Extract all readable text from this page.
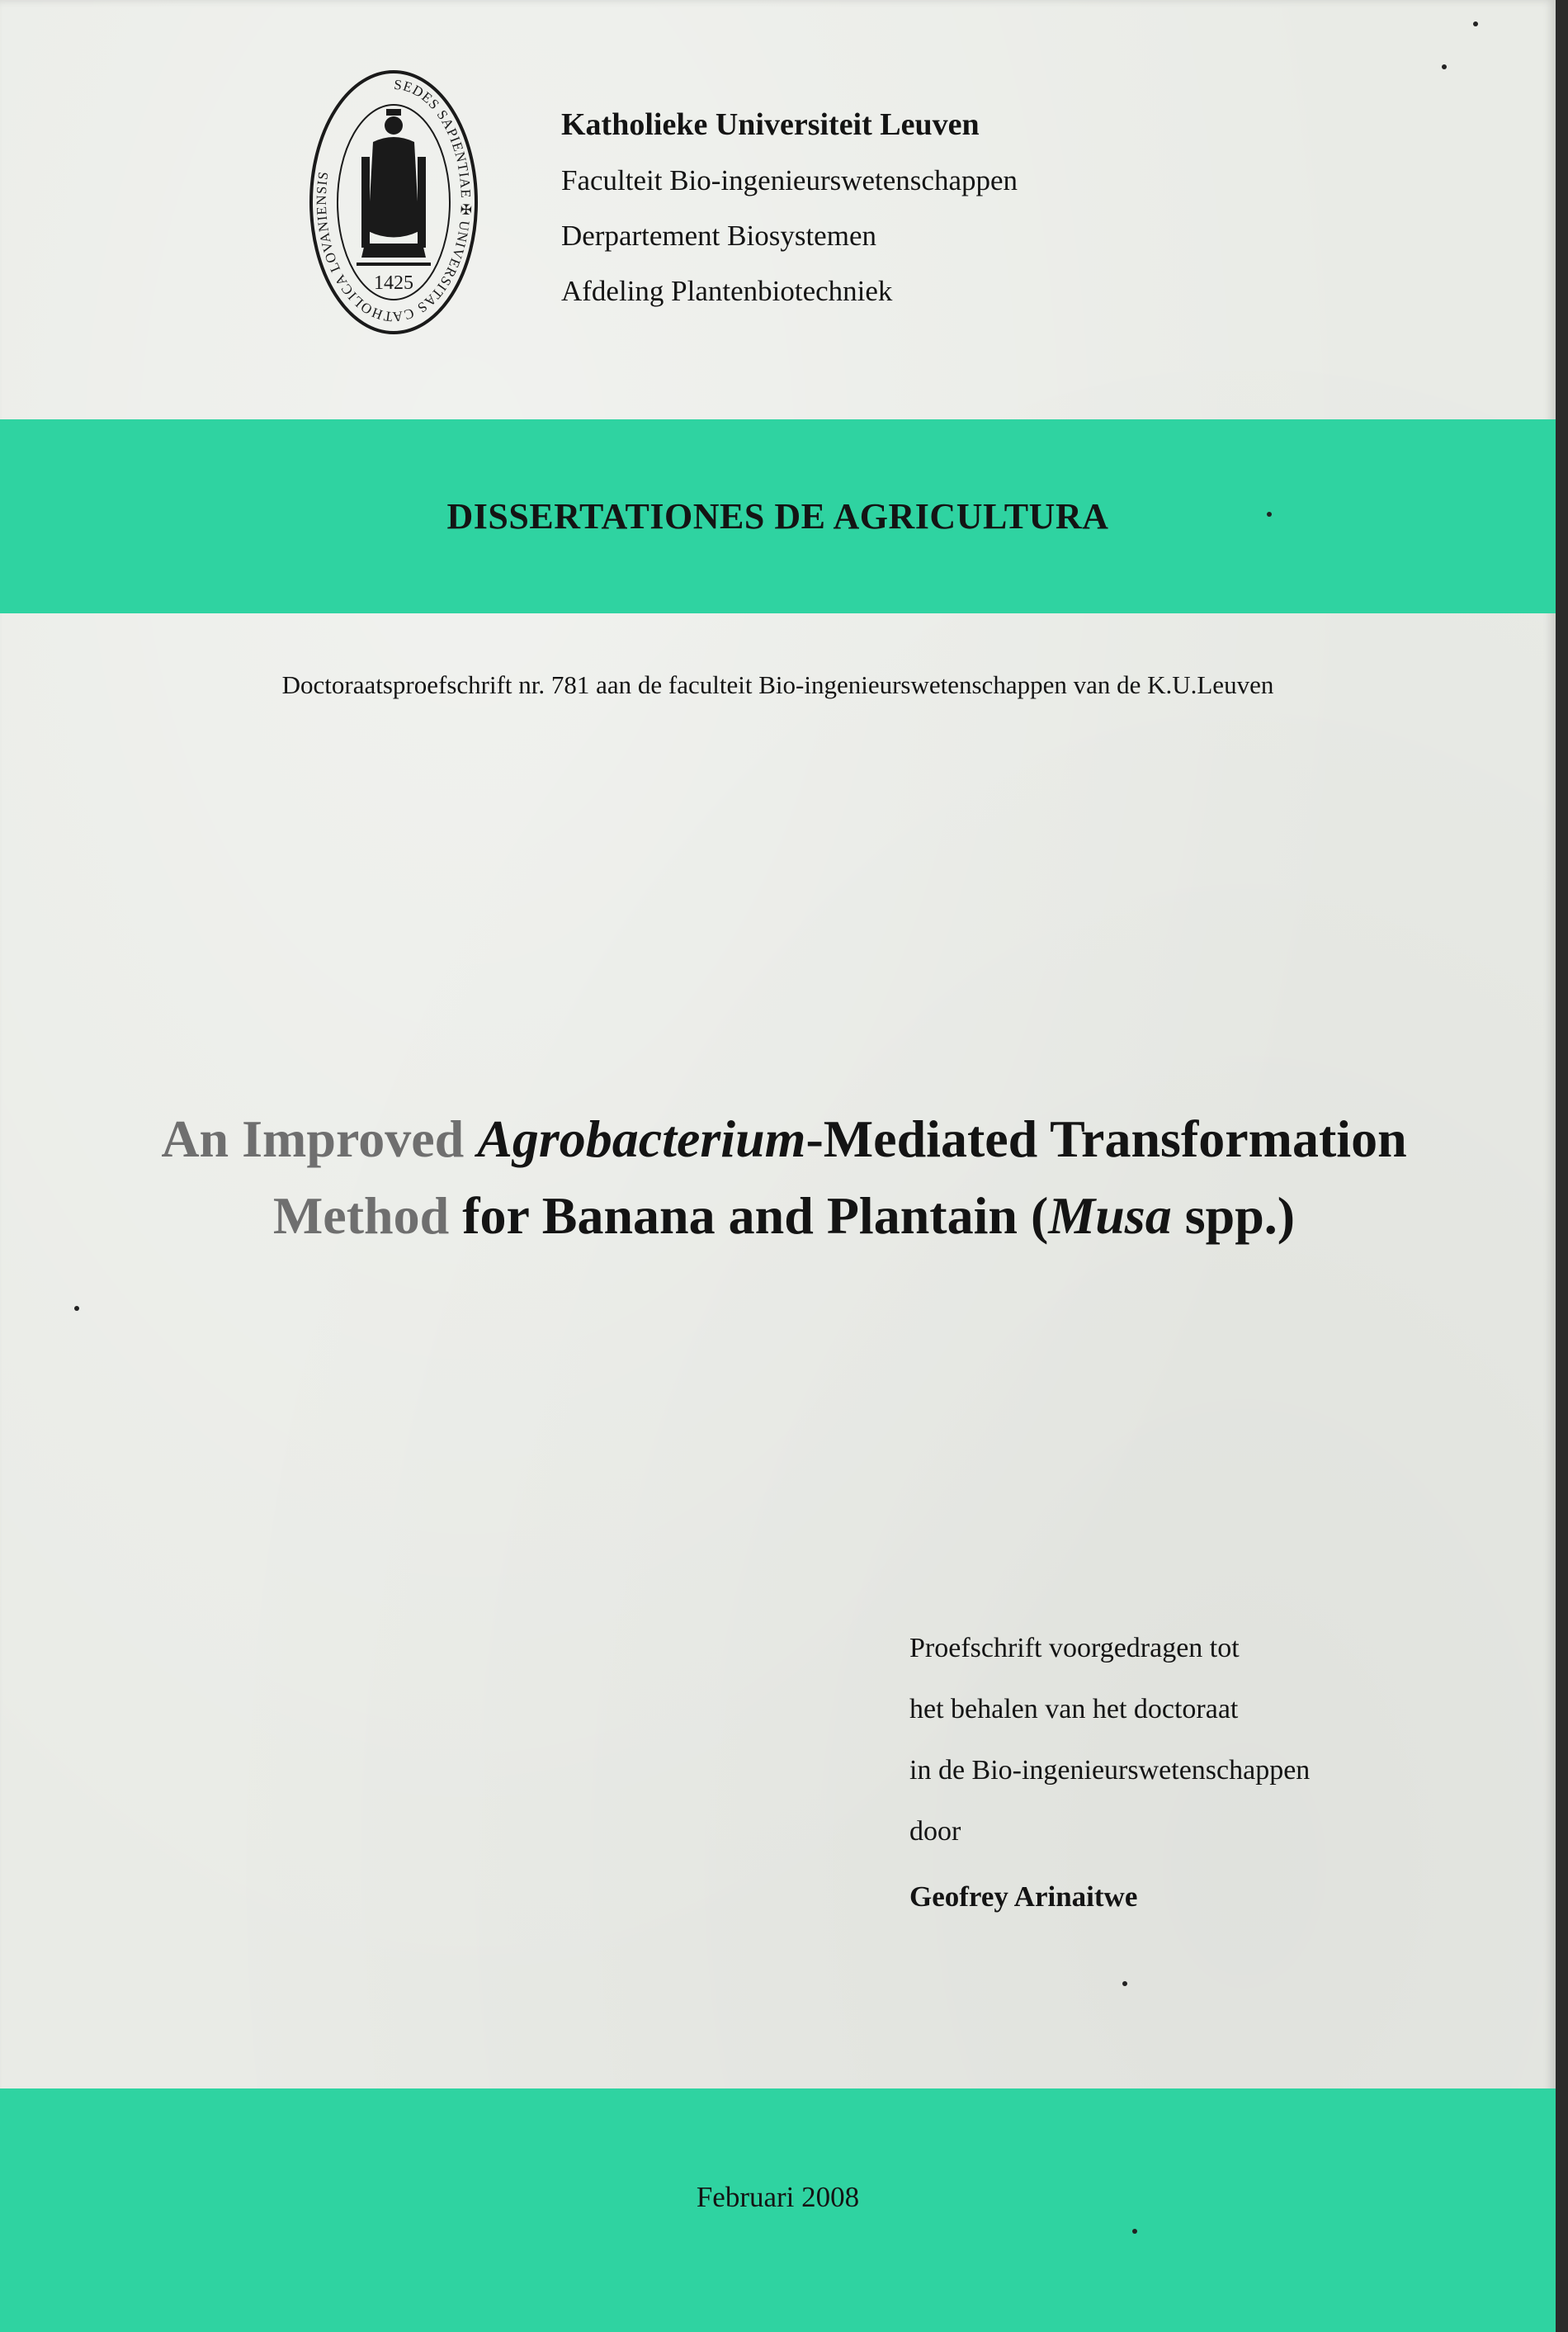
SEDES SAPIENTIAE ✠ UNIVERSITAS CATHOLICA LOVANIENSIS
1425
Katholieke Universiteit Leuven
Faculteit Bio-ingenieurswetenschappen
Derpartement Biosystemen
Afdeling Plantenbiotechniek
DISSERTATIONES DE AGRICULTURA
Doctoraatsproefschrift nr. 781 aan de faculteit Bio-ingenieurswetenschappen van de K.U.Leuven
An Improved Agrobacterium-Mediated Transformation
Method for Banana and Plantain (Musa spp.)
Proefschrift voorgedragen tot
het behalen van het doctoraat
in de Bio-ingenieurswetenschappen
door
Geofrey Arinaitwe
Februari 2008
